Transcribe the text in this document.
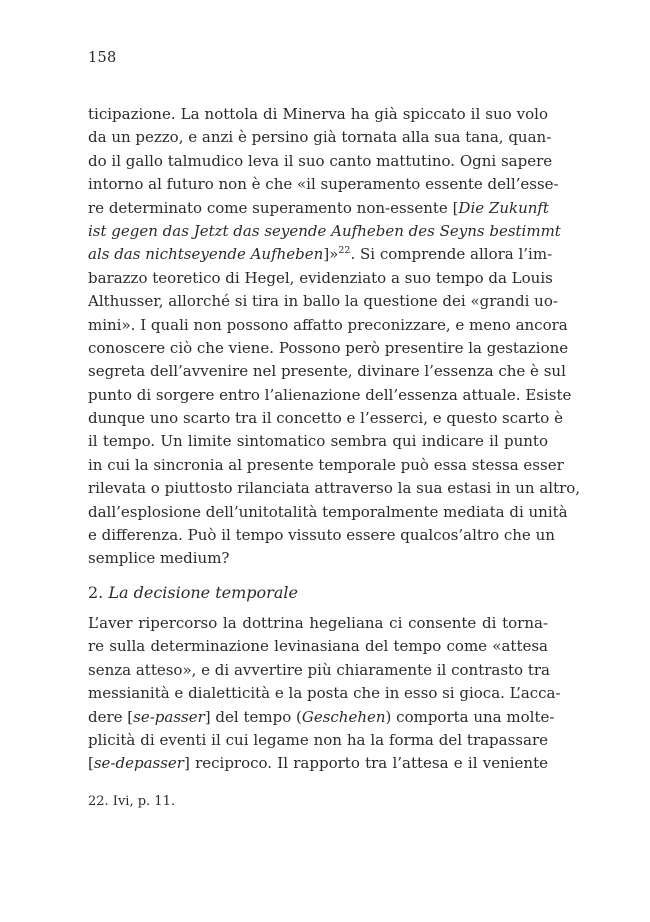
158
ticipazione. La nottola di Minerva ha già spiccato il suo volo
da un pezzo, e anzi è persino già tornata alla sua tana, quan-
do il gallo talmudico leva il suo canto mattutino. Ogni sapere
intorno al futuro non è che «il superamento essente dell’esse-
re determinato come superamento non-essente [Die Zukunft
ist gegen das Jetzt das seyende Aufheben des Seyns bestimmt
als das nichtseyende Aufheben]»$^{22}$. Si comprende allora l’im-
barazzo teoretico di Hegel, evidenziato a suo tempo da Louis
Althusser, allorché si tira in ballo la questione dei «grandi uo-
mini». I quali non possono affatto preconizzare, e meno ancora
conoscere ciò che viene. Possono però presentire la gestazione
segreta dell’avvenire nel presente, divinare l’essenza che è sul
punto di sorgere entro l’alienazione dell’essenza attuale. Esiste
dunque uno scarto tra il concetto e l’esserci, e questo scarto è
il tempo. Un limite sintomatico sembra qui indicare il punto
in cui la sincronia al presente temporale può essa stessa esser
rilevata o piuttosto rilanciata attraverso la sua estasi in un altro,
dall’esplosione dell’unitotalità temporalmente mediata di unità
e differenza. Può il tempo vissuto essere qualcos’altro che un
semplice medium?
2. La decisione temporale
L’aver ripercorso la dottrina hegeliana ci consente di torna-
re sulla determinazione levinasiana del tempo come «attesa
senza atteso», e di avvertire più chiaramente il contrasto tra
messianità e dialetticità e la posta che in esso si gioca. L’acca-
dere [se-passer] del tempo (Geschehen) comporta una molte-
plicità di eventi il cui legame non ha la forma del trapassare
[se-depasser] reciproco. Il rapporto tra l’attesa e il veniente
22. Ivi, p. 11.
